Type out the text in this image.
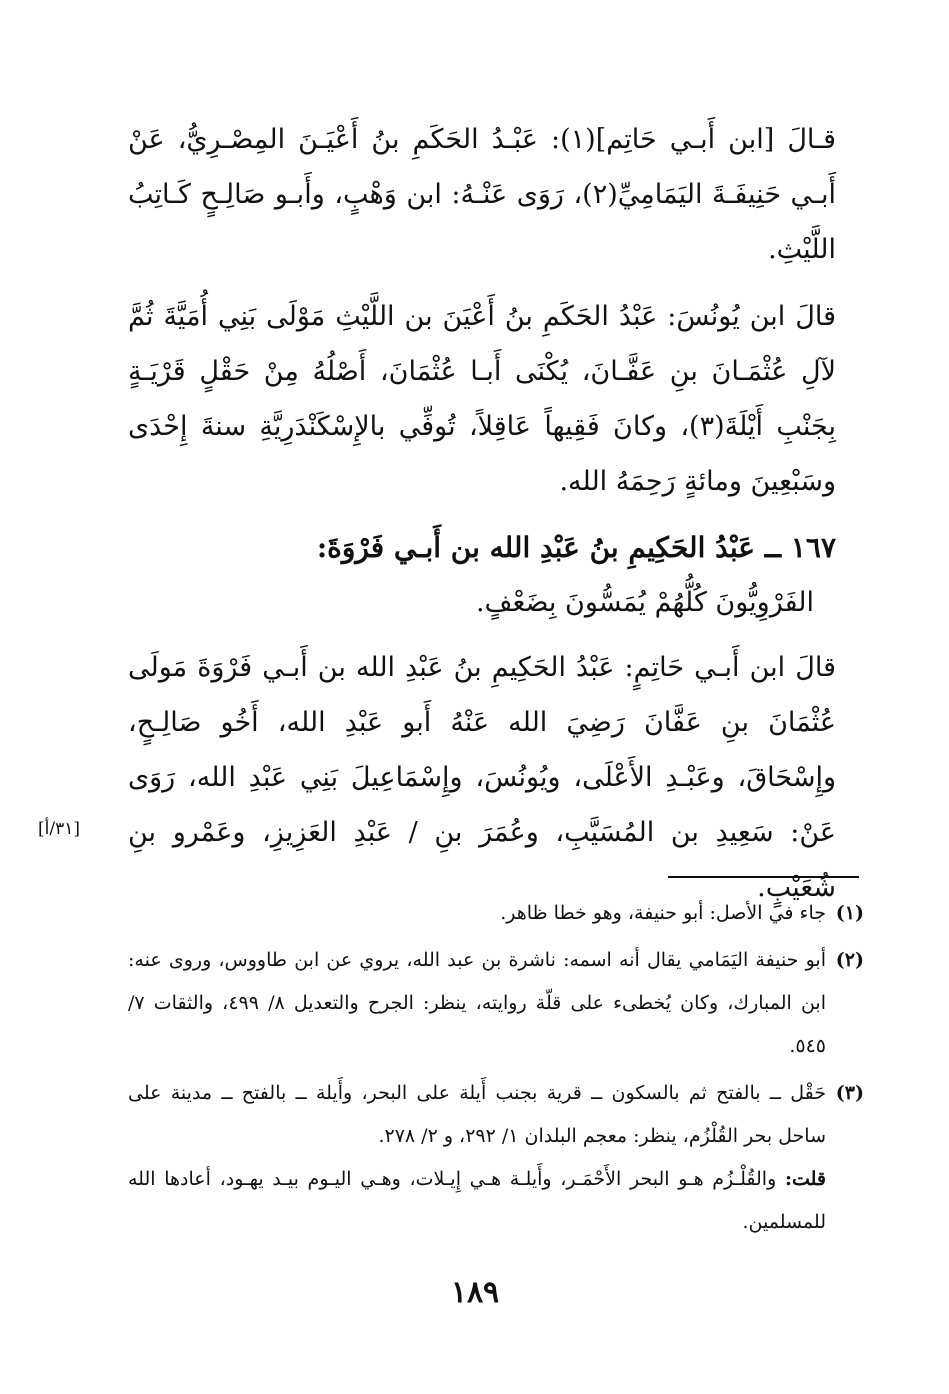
قـالَ [ابن أَبـي حَاتِم](١): عَبْـدُ الحَكَمِ بنُ أَعْيَـنَ المِصْـرِيُّ، عَنْ أَبـي حَنِيفَـةَ اليَمَامِيِّ(٢)، رَوَى عَنْـهُ: ابن وَهْبٍ، وأَبـو صَالِـحٍ كَـاتِبُ اللَّيْثِ.

قالَ ابن يُونُسَ: عَبْدُ الحَكَمِ بنُ أَعْيَنَ بن اللَّيْثِ مَوْلَى بَنِي أُمَيَّةَ ثُمَّ لآلِ عُثْمَـانَ بنِ عَفَّـانَ، يُكْنَى أَبـا عُثْمَانَ، أَصْلُهُ مِنْ حَقْلٍ قَرْيَـةٍ بِجَنْبِ أَيْلَةَ(٣)، وكانَ فَقِيهاً عَاقِلاً، تُوفِّي بالإِسْكَنْدَرِيَّةِ سنةَ إِحْدَى وسَبْعِينَ ومائةٍ رَحِمَهُ الله.

١٦٧ ــ عَبْدُ الحَكِيمِ بنُ عَبْدِ الله بن أَبـي فَرْوَةَ:

الفَرْوِيُّونَ كُلُّهُمْ يُمَسُّونَ بِضَعْفٍ.

قالَ ابن أَبـي حَاتِمٍ: عَبْدُ الحَكِيمِ بنُ عَبْدِ الله بن أَبـي فَرْوَةَ مَولَى عُثْمَانَ بنِ عَفَّانَ رَضِيَ الله عَنْهُ أَبو عَبْدِ الله، أَخُو صَالِـحٍ، وإِسْحَاقَ، وعَبْـدِ الأَعْلَى، ويُونُسَ، وإِسْمَاعِيلَ بَنِي عَبْدِ الله، رَوَى عَنْ: سَعِيدِ بن المُسَيَّبِ، وعُمَرَ بنِ / عَبْدِ العَزِيزِ، وعَمْرو بنِ شُعَيْبٍ.

[٣١/أ]
(١)

جاء في الأصل: أبو حنيفة، وهو خطا ظاهر.

(٢)

أبو حنيفة اليَمَامي يقال أنه اسمه: ناشرة بن عبد الله، يروي عن ابن طاووس، وروى عنه: ابن المبارك، وكان يُخطىء على قلّة روايته، ينظر: الجرح والتعديل ٨/ ٤٩٩، والثقات ٧/ ٥٤٥.

(٣)

حَقْل ــ بالفتح ثم بالسكون ــ قرية بجنب أَيلة على البحر، وأَيلة ــ بالفتح ــ مدينة على ساحل بحر القُلْزُم، ينظر: معجم البلدان ١/ ٢٩٢، و ٢/ ٢٧٨.

قلت: والقُلْـزُم هـو البحر الأَحْمَـر، وأَيلـة هـي إِيـلات، وهـي اليـوم بيـد يهـود، أعادها الله للمسلمين.

١٨٩
